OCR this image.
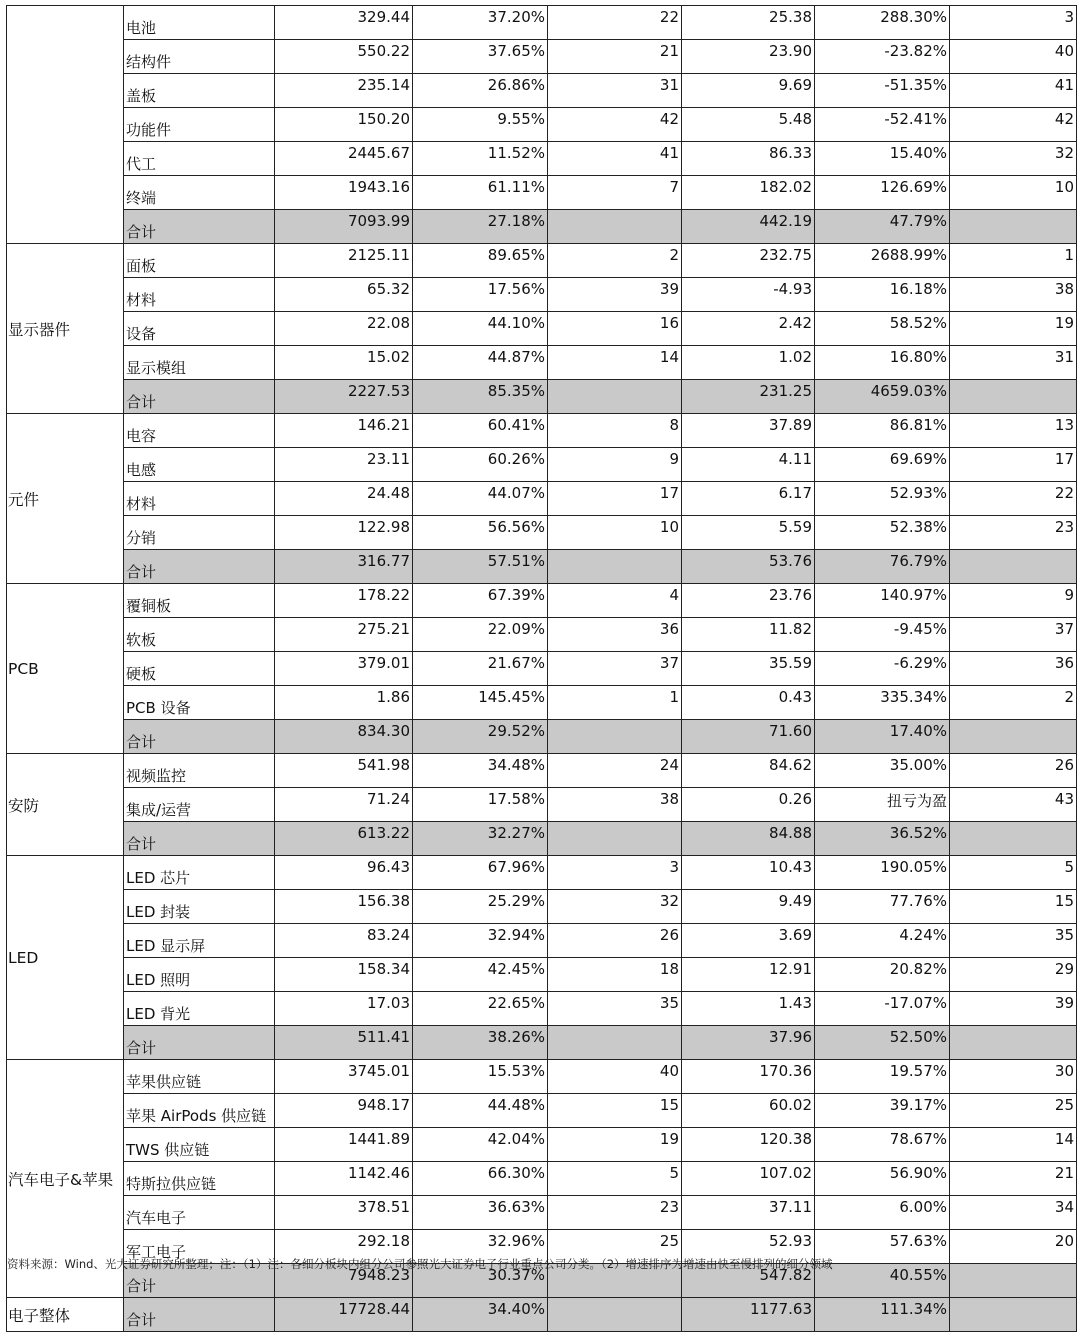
	电池	329.44	37.20%	22	25.38	288.30%	3
	结构件	550.22	37.65%	21	23.90	-23.82%	40
	盖板	235.14	26.86%	31	9.69	-51.35%	41
	功能件	150.20	9.55%	42	5.48	-52.41%	42
	代工	2445.67	11.52%	41	86.33	15.40%	32
	终端	1943.16	61.11%	7	182.02	126.69%	10
	合计	7093.99	27.18%		442.19	47.79%	
显示器件	面板	2125.11	89.65%	2	232.75	2688.99%	1
	材料	65.32	17.56%	39	-4.93	16.18%	38
	设备	22.08	44.10%	16	2.42	58.52%	19
	显示模组	15.02	44.87%	14	1.02	16.80%	31
	合计	2227.53	85.35%		231.25	4659.03%	
元件	电容	146.21	60.41%	8	37.89	86.81%	13
	电感	23.11	60.26%	9	4.11	69.69%	17
	材料	24.48	44.07%	17	6.17	52.93%	22
	分销	122.98	56.56%	10	5.59	52.38%	23
	合计	316.77	57.51%		53.76	76.79%	
PCB	覆铜板	178.22	67.39%	4	23.76	140.97%	9
	软板	275.21	22.09%	36	11.82	-9.45%	37
	硬板	379.01	21.67%	37	35.59	-6.29%	36
	PCB 设备	1.86	145.45%	1	0.43	335.34%	2
	合计	834.30	29.52%		71.60	17.40%	
安防	视频监控	541.98	34.48%	24	84.62	35.00%	26
	集成/运营	71.24	17.58%	38	0.26	扭亏为盈	43
	合计	613.22	32.27%		84.88	36.52%	
LED	LED 芯片	96.43	67.96%	3	10.43	190.05%	5
	LED 封装	156.38	25.29%	32	9.49	77.76%	15
	LED 显示屏	83.24	32.94%	26	3.69	4.24%	35
	LED 照明	158.34	42.45%	18	12.91	20.82%	29
	LED 背光	17.03	22.65%	35	1.43	-17.07%	39
	合计	511.41	38.26%		37.96	52.50%	
汽车电子&苹果	苹果供应链	3745.01	15.53%	40	170.36	19.57%	30
	苹果 AirPods 供应链	948.17	44.48%	15	60.02	39.17%	25
	TWS 供应链	1441.89	42.04%	19	120.38	78.67%	14
	特斯拉供应链	1142.46	66.30%	5	107.02	56.90%	21
	汽车电子	378.51	36.63%	23	37.11	6.00%	34
	军工电子	292.18	32.96%	25	52.93	57.63%	20
	合计	7948.23	30.37%		547.82	40.55%	
电子整体	合计	17728.44	34.40%		1177.63	111.34%	
资料来源：Wind、光大证券研究所整理；注：（1）注：各细分板块内组分公司参照光大证券电子行业重点公司分类。（2）增速排序为增速由快至慢排列的细分领域
